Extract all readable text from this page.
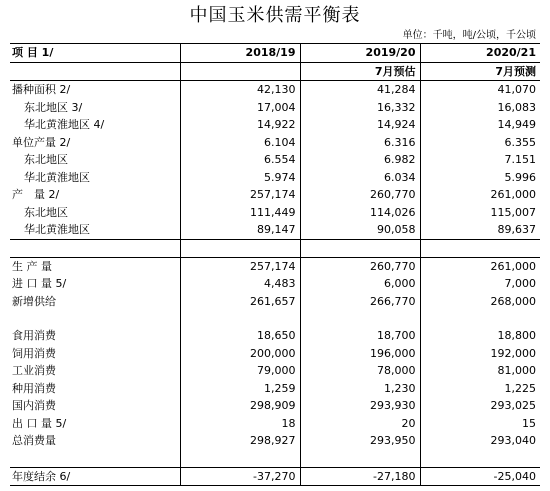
中国玉米供需平衡表
单位：千吨，吨/公顷，千公顷
项 目 1/	2018/19	2019/20	2020/21
		7月预估	7月预测
播种面积 2/	42,130	41,284	41,070
东北地区 3/	17,004	16,332	16,083
华北黄淮地区 4/	14,922	14,924	14,949
单位产量 2/	6.104	6.316	6.355
东北地区	6.554	6.982	7.151
华北黄淮地区	5.974	6.034	5.996
产　量 2/	257,174	260,770	261,000
东北地区	111,449	114,026	115,007
华北黄淮地区	89,147	90,058	89,637

生 产 量	257,174	260,770	261,000
进 口 量 5/	4,483	6,000	7,000
新增供给	261,657	266,770	268,000

食用消费	18,650	18,700	18,800
饲用消费	200,000	196,000	192,000
工业消费	79,000	78,000	81,000
种用消费	1,259	1,230	1,225
国内消费	298,909	293,930	293,025
出 口 量 5/	18	20	15
总消费量	298,927	293,950	293,040

年度结余 6/	-37,270	-27,180	-25,040
